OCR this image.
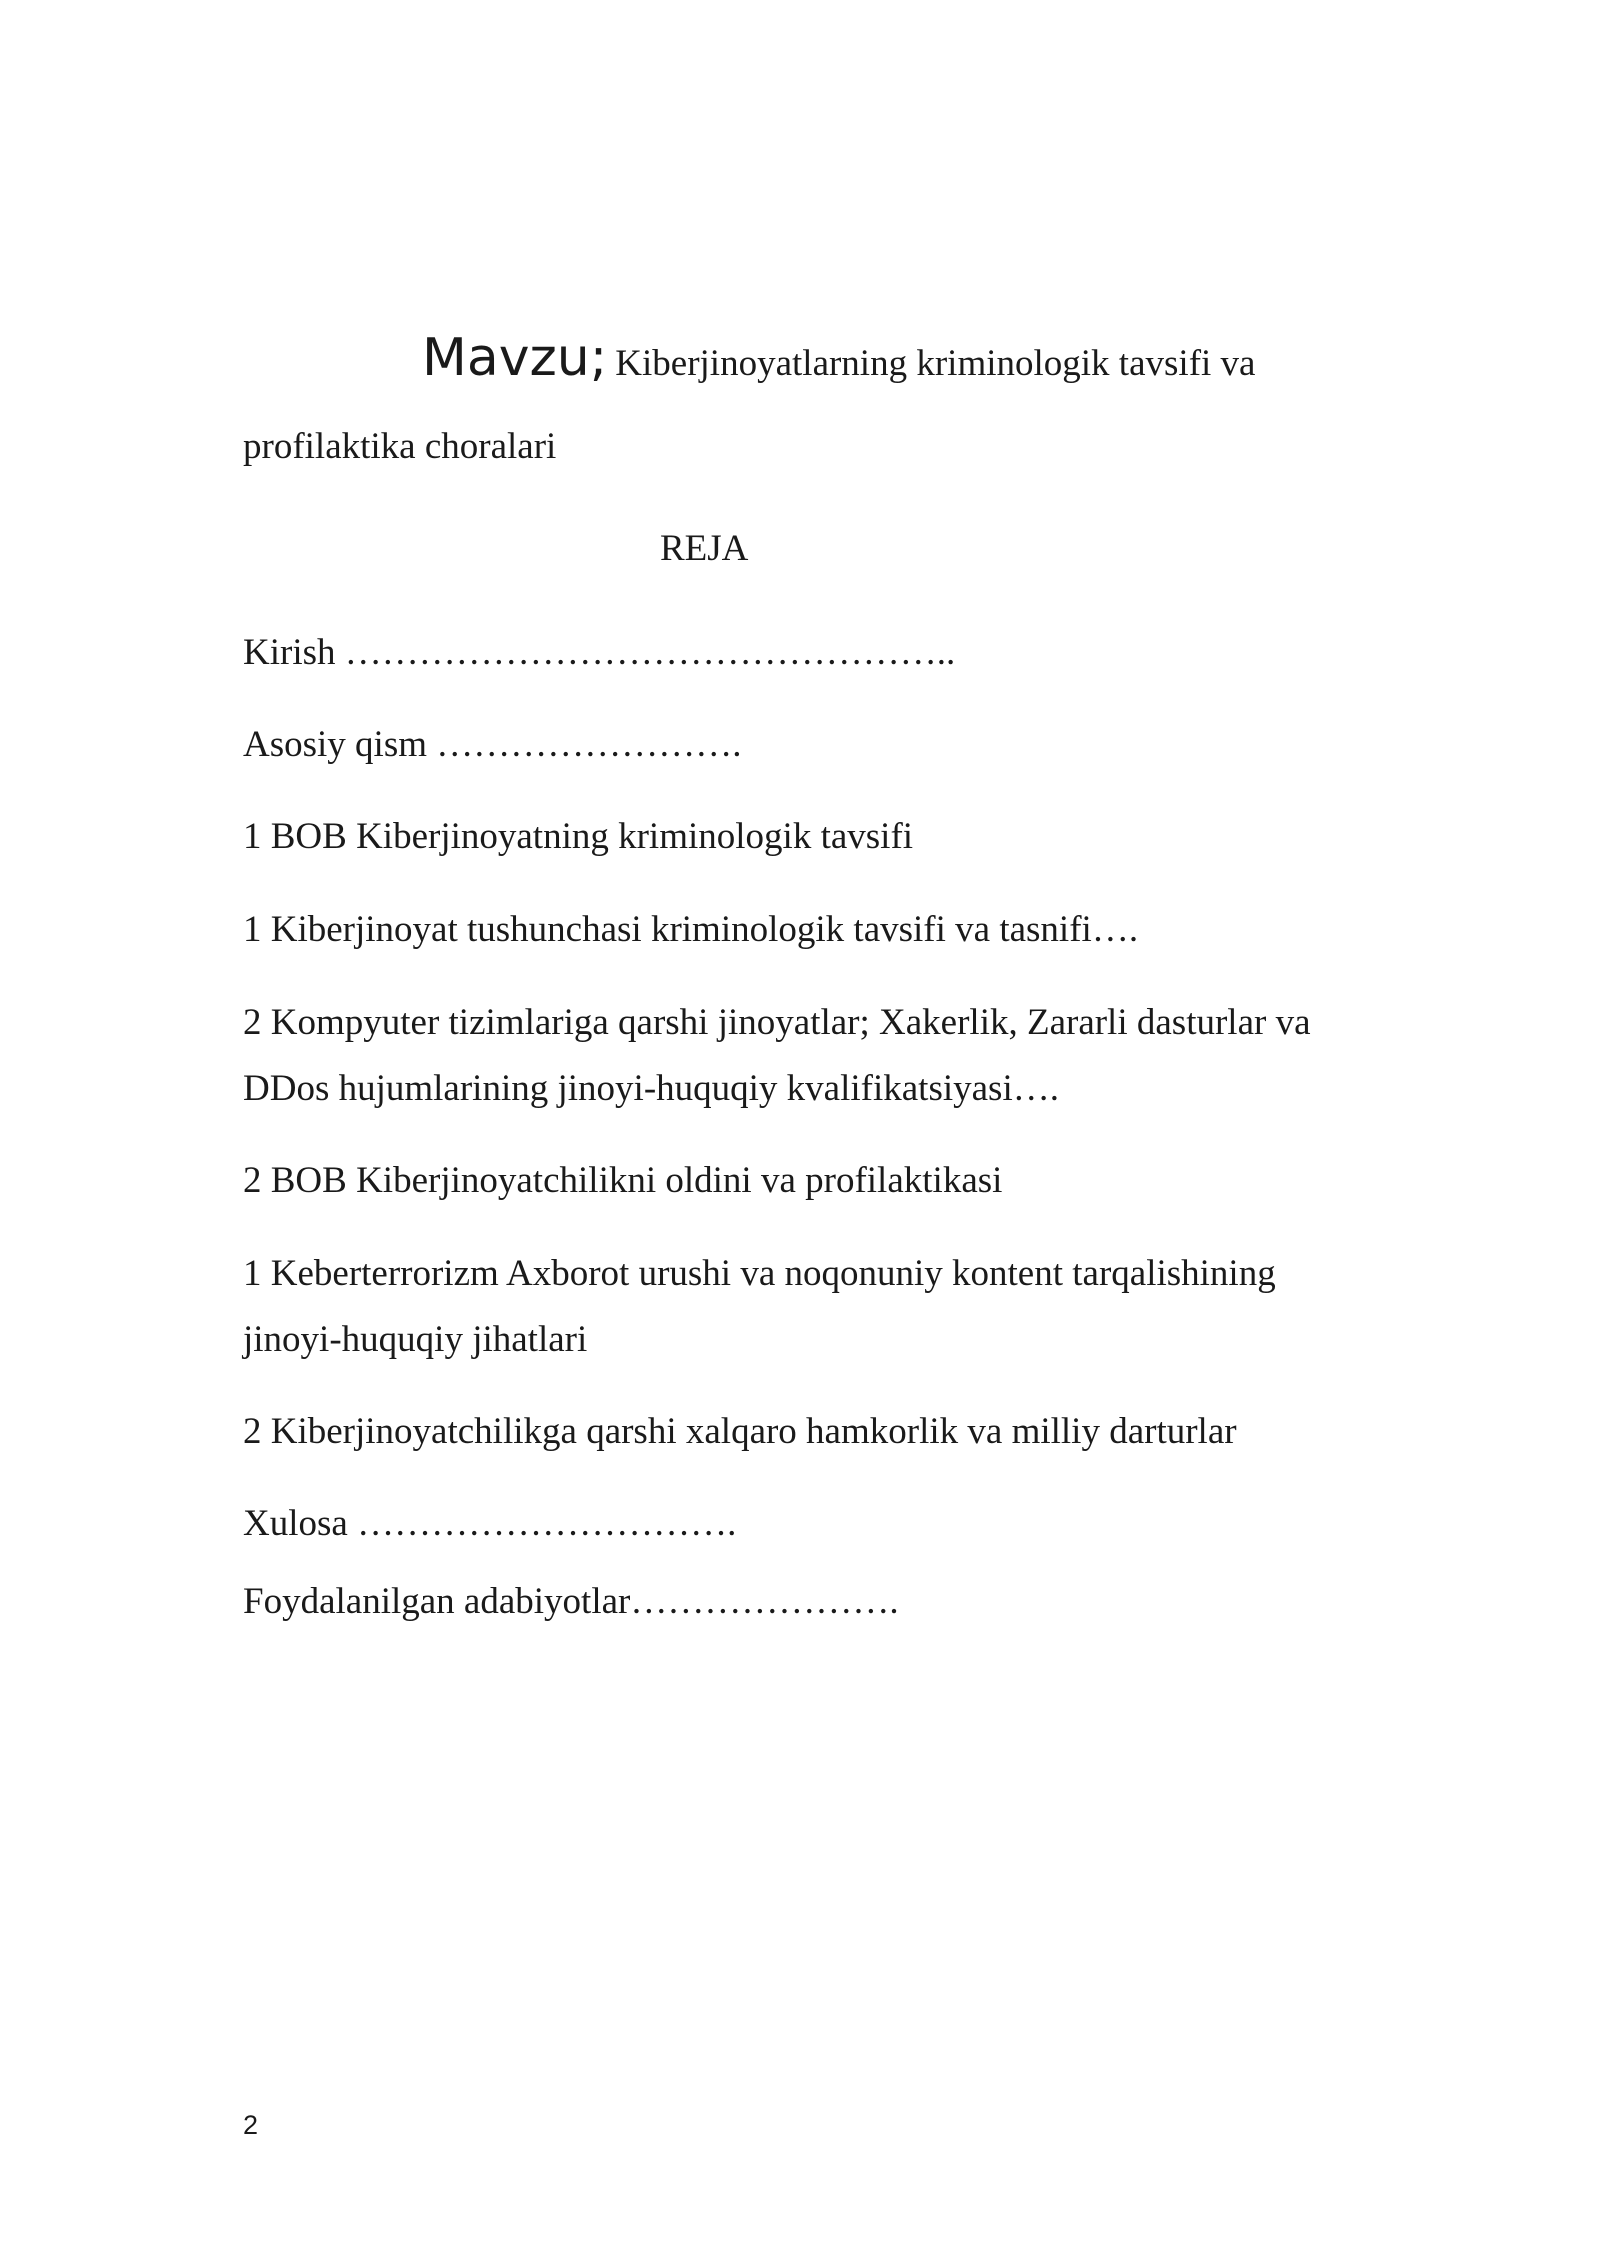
Mavzu; Kiberjinoyatlarning kriminologik tavsifi va
profilaktika choralari
REJA
Kirish …………………………………………..
Asosiy qism …………………….
1 BOB Kiberjinoyatning kriminologik tavsifi
1 Kiberjinoyat tushunchasi kriminologik tavsifi va tasnifi….
2 Kompyuter tizimlariga qarshi jinoyatlar; Xakerlik, Zararli dasturlar va
DDos hujumlarining jinoyi-huquqiy kvalifikatsiyasi….
2 BOB Kiberjinoyatchilikni oldini va profilaktikasi
1 Keberterrorizm Axborot urushi va noqonuniy kontent tarqalishining
jinoyi-huquqiy jihatlari
2 Kiberjinoyatchilikga qarshi xalqaro hamkorlik va milliy darturlar
Xulosa ………………………….
Foydalanilgan adabiyotlar………………….
2
